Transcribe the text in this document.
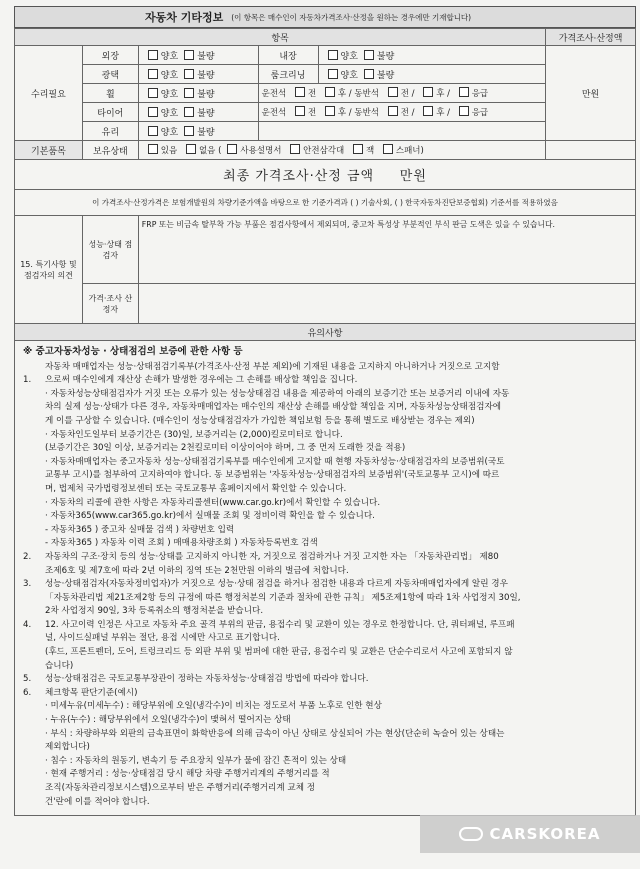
자동차 기타정보 (이 항목은 매수인이 자동차가격조사·산정을 원하는 경우에만 기재합니다)
항목					가격조사·산정액
수리필요	외장	양호 불량	내장	양호 불량	만원
	광택	양호 불량	룸크리닝	양호 불량	
	휠	양호 불량	운전석 전 후 / 동반석 전 / 후 / 응급		
	타이어	양호 불량	운전석 전 후 / 동반석 전 / 후 / 응급		
	유리	양호 불량			
기본품목	보유상태	있음 없음 ( 사용설명서 안전삼각대 잭 스패너)			
최종 가격조사·산정 금액 만원					
이 가격조사·산정가격은 보험개발원의 차량기준가액을 바탕으로 한 기준가격과 ( ) 기술사회, ( ) 한국자동차진단보증협회) 기준서를 적용하였음					
15. 특기사항 및 점검자의 의견	성능·상태 점검자	FRP 또는 비금속 탈부착 가능 부품은 점검사항에서 제외되며, 중고차 특성상 부분적인 부식 판금 도색은 있을 수 있습니다.			
	가격·조사 산정자				
유의사항					

※ 중고자동차성능 · 상태점검의 보증에 관한 사항 등

자동차 매매업자는 성능·상태점검기록부(가격조사·산정 부분 제외)에 기재된 내용을 고지하지 아니하거나 거짓으로 고지함

1.	으로써 매수인에게 재산상 손해가 발생한 경우에는 그 손해를 배상할 책임을 집니다.

· 자동차성능상태점검자가 거짓 또는 오류가 있는 성능상태점검 내용을 제공하여 아래의 보증기간 또는 보증거리 이내에 자동

차의 실제 성능·상태가 다른 경우, 자동차매매업자는 매수인의 재산상 손해를 배상할 책임을 지며, 자동차성능상태점검자에

게 이를 구상할 수 있습니다. (매수인이 성능상태점검자가 가입한 책임보험 등을 통해 별도로 배상받는 경우는 제외)

· 자동차인도일부터 보증기간은 (30)일, 보증거리는 (2,000)킬로미터로 합니다.

(보증기간은 30일 이상, 보증거리는 2천킬로미터 이상이어야 하며, 그 중 먼저 도래한 것을 적용)

· 자동차매매업자는 중고자동차 성능·상태점검기록부를 매수인에게 고지할 때 현행 자동차성능·상태점검자의 보증범위(국토

교통부 고시)를 첨부하여 고지하여야 합니다. 동 보증범위는 '자동차성능·상태점검자의 보증범위'(국토교통부 고시)에 따르

며, 법제처 국가법령정보센터 또는 국토교통부 홈페이지에서 확인할 수 있습니다.

· 자동차의 리콜에 관한 사항은 자동차리콜센터(www.car.go.kr)에서 확인할 수 있습니다.

· 자동차365(www.car365.go.kr)에서 실매물 조회 및 정비이력 확인을 할 수 있습니다.

- 자동차365 ) 중고차 실매물 검색 ) 차량번호 입력

- 자동차365 ) 자동차 이력 조회 ) 매매용차량조회 ) 자동차등록번호 검색

2.	자동차의 구조·장치 등의 성능·상태를 고지하지 아니한 자, 거짓으로 점검하거나 거짓 고지한 자는 「자동차관리법」 제80

조제6호 및 제7호에 따라 2년 이하의 징역 또는 2천만원 이하의 벌금에 처합니다.

3.	성능·상태점검자(자동차정비업자)가 거짓으로 성능·상태 점검을 하거나 점검한 내용과 다르게 자동차매매업자에게 알린 경우

「자동차관리법 제21조제2항 등의 규정에 따른 행정처분의 기준과 절차에 관한 규칙」 제5조제1항에 따라 1차 사업정지 30일,

2차 사업정지 90일, 3차 등록취소의 행정처분을 받습니다.

4.	12. 사고이력 인정은 사고로 자동차 주요 골격 부위의 판금, 용접수리 및 교환이 있는 경우로 한정합니다. 단, 쿼터패널, 루프패

널, 사이드실패널 부위는 절단, 용접 시에만 사고로 표기합니다.

(후드, 프론트펜더, 도어, 트렁크리드 등 외판 부위 및 범퍼에 대한 판금, 용접수리 및 교환은 단순수리로서 사고에 포함되지 않

습니다)

5.	성능·상태점검은 국토교통부장관이 정하는 자동차성능·상태점검 방법에 따라야 합니다.

6.	체크항목 판단기준(예시)

· 미세누유(미세누수) : 해당부위에 오일(냉각수)이 비치는 정도로서 부품 노후로 인한 현상

· 누유(누수) : 해당부위에서 오일(냉각수)이 맺혀서 떨어지는 상태

· 부식 : 차량하부와 외판의 금속표면이 화학반응에 의해 금속이 아닌 상태로 상실되어 가는 현상(단순히 녹슬어 있는 상태는

제외합니다)

· 침수 : 자동차의 원동기, 변속기 등 주요장치 일부가 물에 잠긴 흔적이 있는 상태

· 현재 주행거리 : 성능·상태점검 당시 해당 차량 주행거리계의 주행거리를 적

조직(자동차관리정보시스템)으로부터 받은 주행거리(주행거리계 교체 정

건'란에 이를 적어야 합니다.

CARSKOREA
